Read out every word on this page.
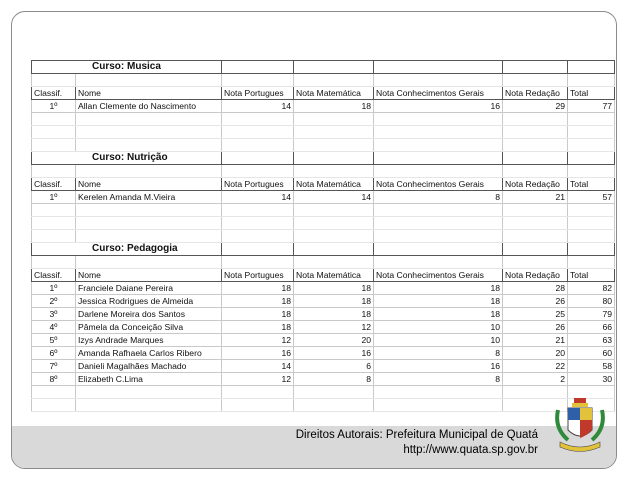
Curso: Musica						

Classif.	Nome	Nota Portugues	Nota Matemática	Nota Conhecimentos Gerais	Nota Redação	Total
1º	Allan Clemente do Nascimento	14	18	16	29	77

Curso: Nutrição						

Classif.	Nome	Nota Portugues	Nota Matemática	Nota Conhecimentos Gerais	Nota Redação	Total
1º	Kerelen Amanda M.Vieira	14	14	8	21	57

Curso: Pedagogia						

Classif.	Nome	Nota Portugues	Nota Matemática	Nota Conhecimentos Gerais	Nota Redação	Total
1º	Franciele Daiane Pereira	18	18	18	28	82
2º	Jessica Rodrigues de Almeida	18	18	18	26	80
3º	Darlene Moreira dos Santos	18	18	18	25	79
4º	Pâmela da Conceição Silva	18	12	10	26	66
5º	Izys Andrade Marques	12	20	10	21	63
6º	Amanda Rafhaela Carlos Ribero	16	16	8	20	60
7º	Danieli Magalhães Machado	14	6	16	22	58
8º	Elizabeth C.Lima	12	8	8	2	30

Direitos Autorais: Prefeitura Municipal de Quatá
http://www.quata.sp.gov.br
